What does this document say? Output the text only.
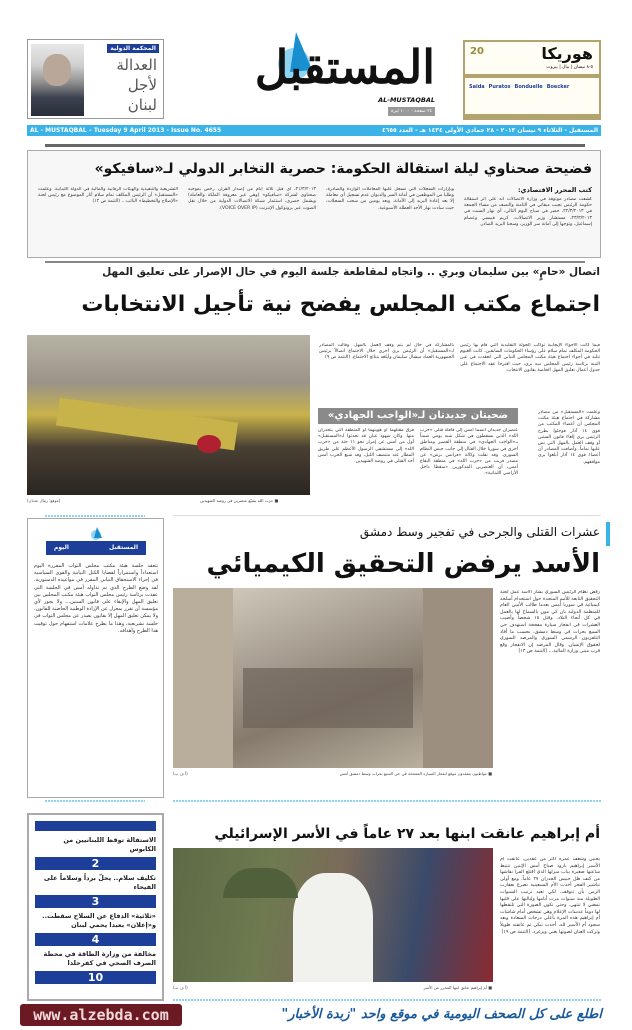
المحكمة الدولية
العدالة
لأجل
لبنان
المستقبل
AL-MUSTAQBAL
٢٤ صفحة - ١٠٠٠ ليرة
20	هوريكا
٥-٨ نيسان | بيال | بيروت
Saida Puratos Bonduelle Boecker
AL - MUSTAQBAL – Tuesday 9 April 2013 - Issue No. 4655	المستقبل - الثلاثاء ٩ نيسان ٢٠١٣ - ٢٨ جمادى الأولى ١٤٣٤ هـ - العدد ٤٦٥٥
فضيحة صحناوي ليلة استقالة الحكومة: حصرية التخابر الدولي لـ«سافيكو»
كتب المحرر الاقتصادي:
كشفت مصادر موثوقة في وزارة الاتصالات أنه على أثر استقالة حكومة الرئيس نجيب ميقاتي في الثامنة والنصف من مساء الجمعة في ٢٢/٣/٢٠١٣، حضر في صباح اليوم التالي، أي نهار السبت في ٢٣/٣/٢٠١٣، مستشار وزير الاتصالات، كريم قبيسي وعصام إسماعيل، وتوجها إلى أمانة سر الوزير، وسحبا البريد الصادر.
وبإزارات السجلات التي تسجل عليها المعاملات الواردة والصادرة، وطلبا من الموظفين في أمانة السر والديوان عدم تسجيل أي معاملة إلا بعد إعادة البريد إلى الأمانة. وبعد يومين من سحب السجلات، حيث سادت نهار الأحد العطلة الأسبوعية.
٢١/٣/٢٠١٣، أي قبل ثلاثة أيام من إصدار القرار، رخّص بموجبه صحناوي لشركة «سافيكو» (وهي غير معروفة الملكة والعاملة) ويشمل حصري، استثمار شبكة الاتصالات الدولية من خلال نقل الصوت عبر بروتوكول الإنترنت (VOICE OVER IP).
التشريعية والتنفيذية والهيئات الرقابية والمالية في الدولة اللبنانية. وعلمت «المستقبل» أن الرئيس المكلف تمام سلام أثار الموضوع مع رئيس لجنة «الإصلاح والتخطيط» النائب... (التتمة ص ١٢)
اتصال «حامٍ» بين سليمان وبري .. واتجاه لمقاطعة جلسة اليوم في حال الإصرار على تعليق المهل
اجتماع مكتب المجلس يفضح نية تأجيل الانتخابات
■ حزب الله يشيّع عنصرين في روضة الشهيدين
(موقع: رمال عدنان)
فيما كانت الأجواء الإيجابية تواكب الجولة التقليدية التي قام بها رئيس الحكومة المكلف تمام سلام على رؤساء الحكومات السابقين، كانت الغيوم تتلبد في أجواء اجتماع هيئة مكتب المجلس النيابي التي انعقدت في عين التينة برئاسة رئيس المجلس نبيه بري، حيث اقترحا عقد الاجتماع على جدول أعمال تعليق المهل الخاصة بقانون الانتخاب.
بالمشاركة في حال لم يتم وقف العمل بالمهل. وقالت المصادر لـ«المستقبل» أن الرئيس بري أجرى خلال الاجتماع اتصالاً برئيس الجمهورية العماد ميشال سليمان وأبلغه بنتائج الاجتماع. (التتمة ص ٩)
وعلمت «المستقبل» من مصادر مشاركة في اجتماع هيئة مكتب المجلس أن أعضاء المكتب من قوى ١٤ آذار فوجئوا بطرح الرئيس بري إلغاء قانون الستين أو وقف العمل بالمهل التي نص عليها تماماً. وأضافت المصادر أن أعضاء قوى ١٤ آذار أبلغوا بري مواقفهم.
ضحيتان جديدتان لـ«الواجب الجهادي»
عنصران جديدان انضما أمس إلى قافلة قتلى «حزب الله» الذين يسقطون في شكل شبه يومي ضمناً بـ«الواجب الجهادي» في منطقة القصير ومناطق أخرى في سوريا خلال القتال إلى جانب جيش النظام السوري. وقد نقلت وكالة «فرانس برس» عن مصدر قريب من «حزب الله» في منطقة البقاع أمس، أن العنصرين المذكورين «سقطا داخل الأراضي اللبنانية».
فرق مقتلهما أو هويتهما أو المنطقة التي يتحدران منها. وكان شهود عيان قد تحدثوا لـ«المستقبل» أول من أمس عن إمرار نحو ١١ جثة من «حزب الله» إلى مستشفى الرسول الأعظم على طريق المطار عند منتصف الليل، وقد شيع الحزب أمس أحد القتلى في روضة الشهيدين.
المستقبل
اليوم
تنعقد جلسة هيئة مكتب مجلس النواب المقررة اليوم استعداداً واستمراراً لقضايا الكتل النيابية والقوى السياسية في إجراء الاستحقاق النيابي المقرر في مواعيده الدستورية. لقد وضع الطرح الذي تم تداوله أمس في الجلسة التي عقدت برئاسة رئيس مجلس النواب هيئة مكتب المجلس بين تعليق المهل والإبقاء على قانون الستين... ولا يجوز لأي مؤسسة أن تقرر بمعزل عن الإرادة الوطنية الحاضنة للقانون، ولا يمكن تعليق المهل إلا بقانون يصدر عن مجلس النواب في جلسة تشريعية، وهذا ما يطرح علامات استفهام حول توقيت هذا الطرح وأهدافه.
عشرات القتلى والجرحى في تفجير وسط دمشق
الأسد يرفض التحقيق الكيميائي
■ مواطنون يتفقدون موقع انفجار السيارة المفخخة في حي السبع بحرات وسط دمشق أمس
(أ ف ب)
رفض نظام الرئيس السوري بشار الأسد عمل لجنة التحقيق التابعة للأمم المتحدة حول استخدام أسلحة كيميائية في سوريا أمس بعدما طالب الأمين العام للمنظمة الدولية بان كي مون بالسماح لها بالعمل في كل أنحاء البلاد. وقتل ١٥ شخصاً وأصيب العشرات في انفجار سيارة مفخخة استهدف حي السبع بحرات في وسط دمشق، بحسب ما أفاد التلفزيون الرسمي السوري والمرصد السوري لحقوق الإنسان. وقال المرصد إن الانفجار وقع قرب مبنى وزارة المالية... (التتمة ص ١٣)
الاستقالة توقظ اللبنانيين من الكابوس
2
تكليف سلام.. يحلّ برداً وسلاماً على الفيحاء
3
«ثلاثية» الدفاع عن السلاح سقطت.. و«إعلان» بعبدا يحمي لبنان
4
مخالفة من وزارة الطاقة في محطة الصرف الصحي في كفرحلدا
10
أم إبراهيم عانقت ابنها بعد ٢٧ عاماً في الأسر الإسرائيلي
■ أم إبراهيم تعانق ابنها المحرر من الأسر
(أ ف ب)
بحنين وشغف عمره أكثر من عقدين، عانقت أم الأسير إبراهيم بارود صباح أمس الإثنين تنتبط ساعتها صغيرة بباب منزلها الذي اقتلع الفرا نقاشها من كنف ظل حبيس الجدران ٢٧ عاماً. ومع أولى تباشير الفجر أخذت الأم السبعينية تصرع بعقارب الزمن بأن تتوقف، لكي تعيد ترتيب السنوات الطويلة منذ سنوات مرت أيامها ولياليها على قلبها تمضي لا تنتهي. وحتى تكون الصورة التي تلتقطها لها دوماً عدسات الإعلام وهي تشخص أمام شاشات أم إبراهيم هذه المرة بأعلى درجات السعادة وبعد سجود أم الأسير لله، أخذت تبكي ثم عانقته طويلاً وتركت العنان لصوتها يغني ويزغرد. (التتمة ص ١٩)
www.alzebda.com	اطلع على كل الصحف اليومية في موقع واحد "زبدة الأخبار"
